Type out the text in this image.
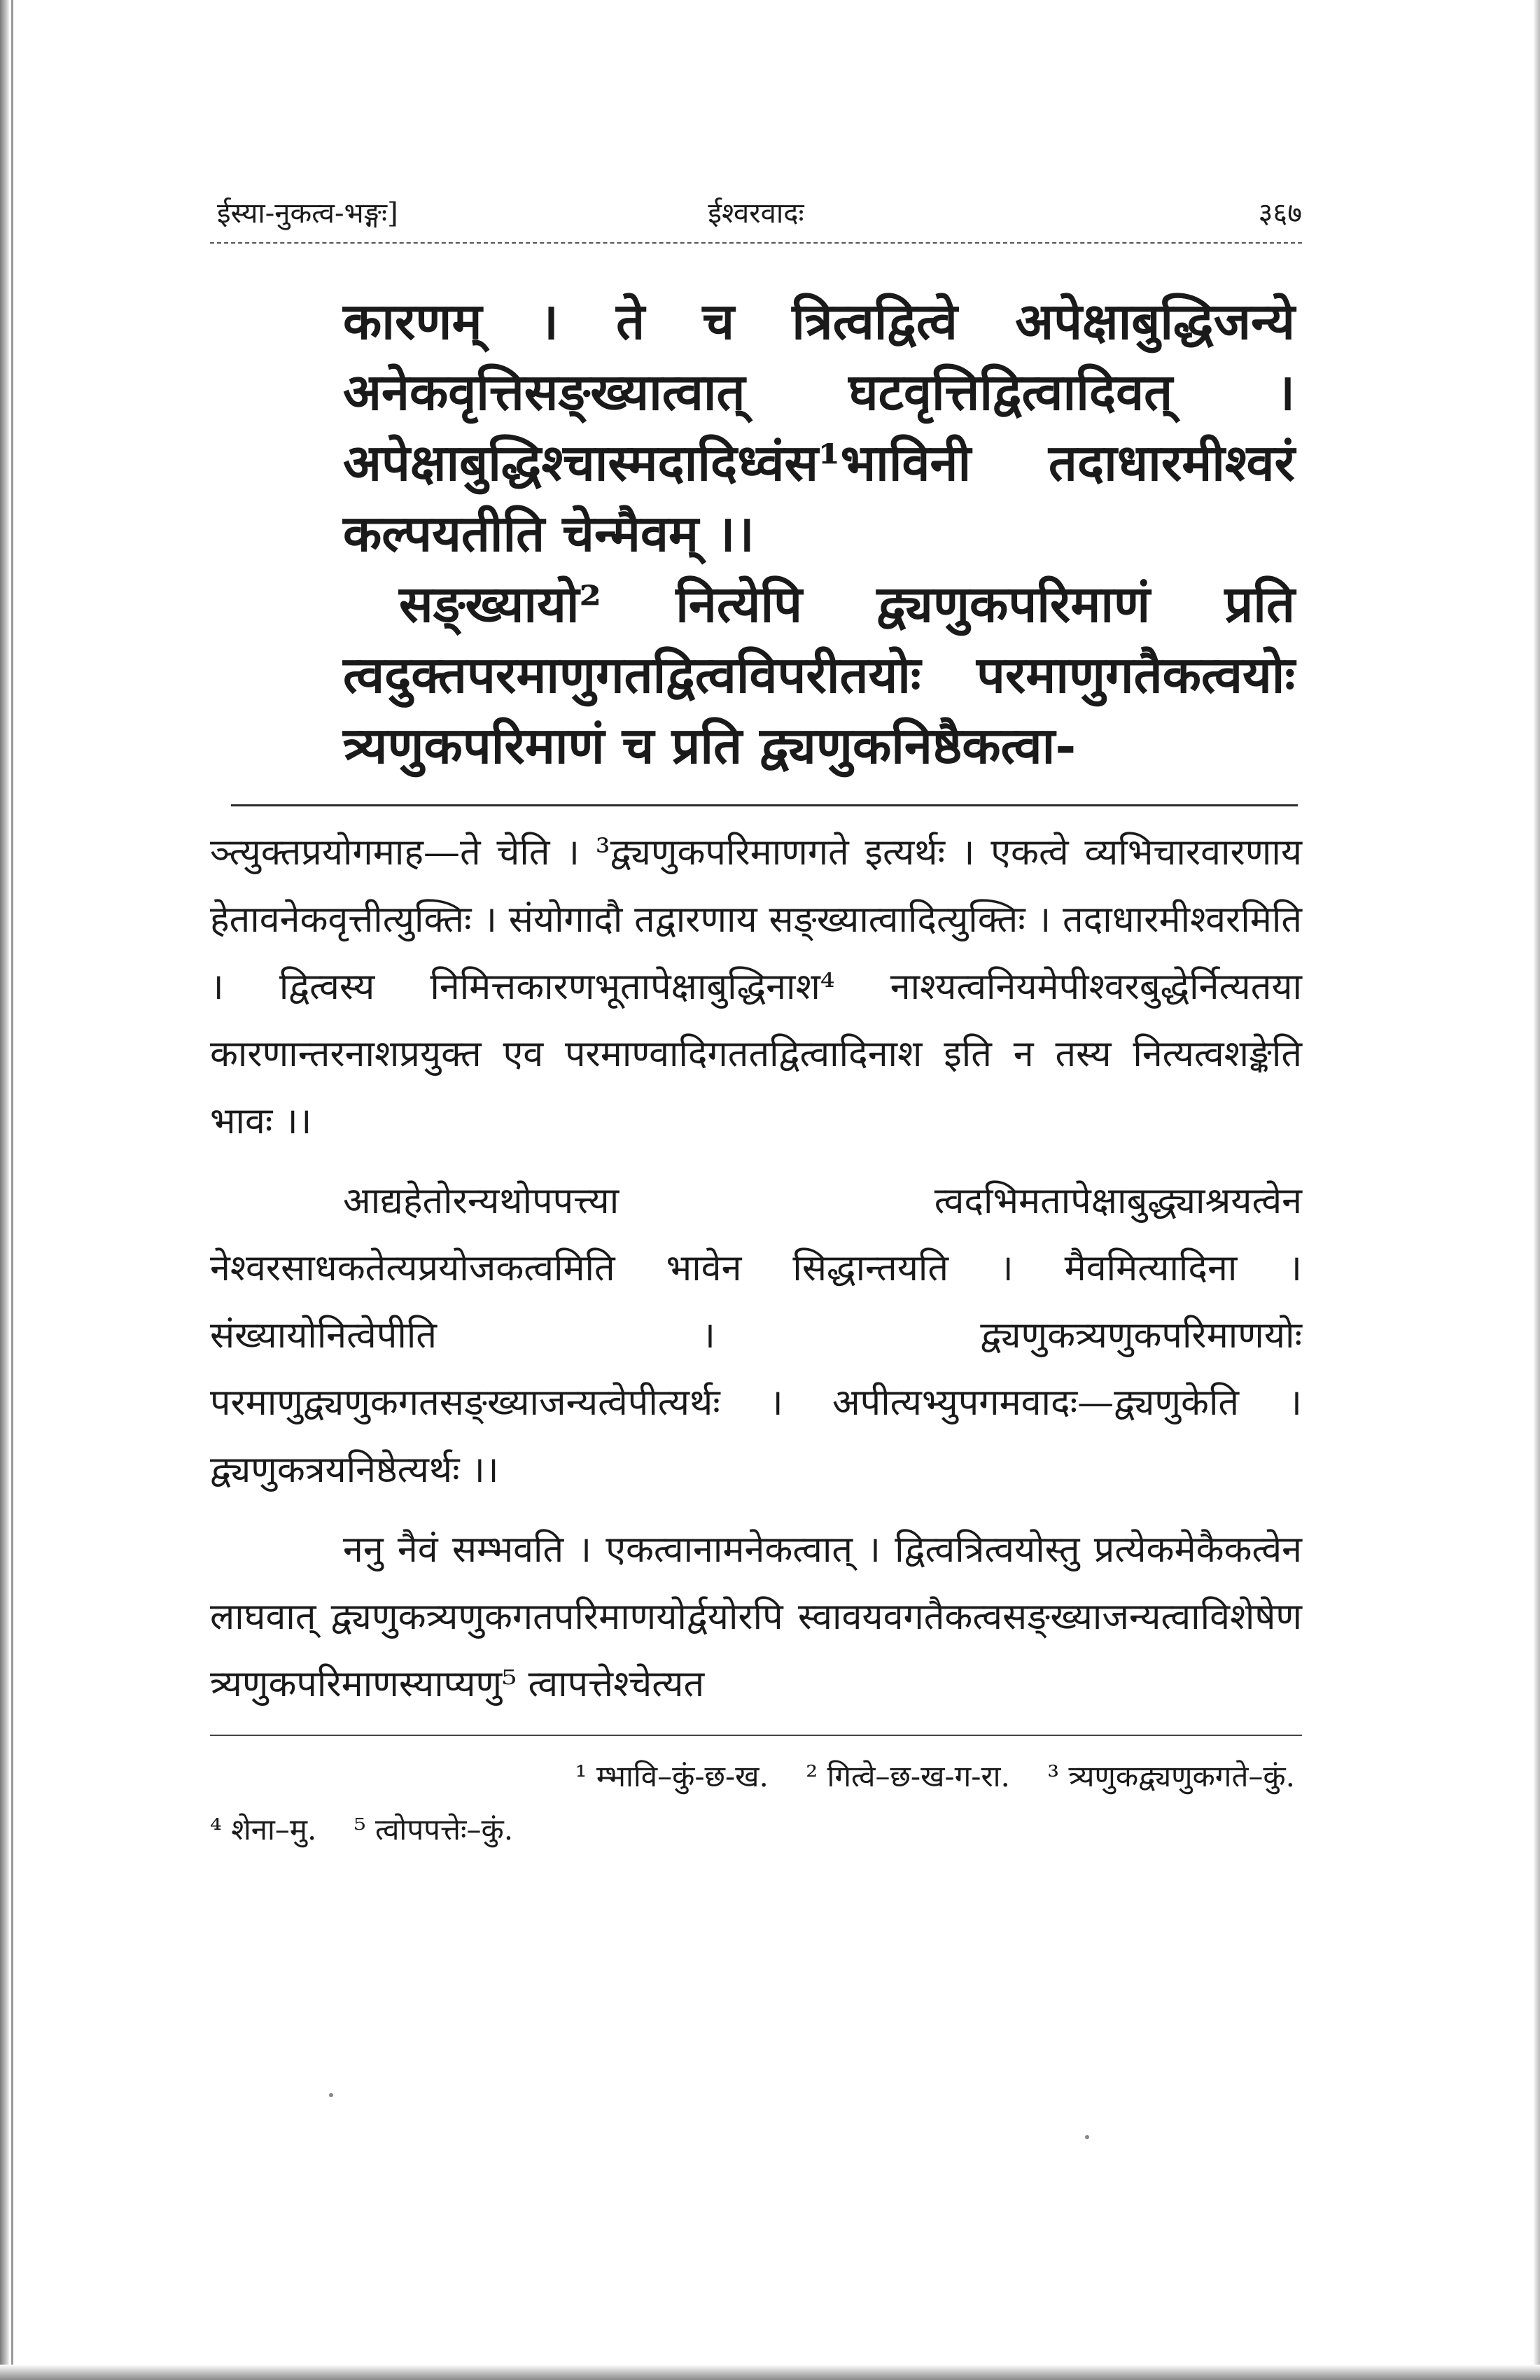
ईस्या-नुकत्व-भङ्गः]	ईश्वरवादः	३६७

कारणम् । ते च त्रित्वद्वित्वे अपेक्षाबुद्धिजन्ये अनेकवृत्तिसङ्ख्यात्वात् घटवृत्तिद्वित्वादिवत् । अपेक्षाबुद्धिश्चास्मदादिध्वंस¹भाविनी तदाधारमीश्वरं कल्पयतीति चेन्मैवम् ।।

सङ्ख्यायो² नित्येपि द्व्यणुकपरिमाणं प्रति त्वदुक्तपरमाणुगतद्वित्वविपरीतयोः परमाणुगतैकत्वयोः त्र्यणुकपरिमाणं च प्रति द्व्यणुकनिष्ठैकत्वा-

ञ्त्युक्तप्रयोगमाह—ते चेति । ³द्व्यणुकपरिमाणगते इत्यर्थः । एकत्वे व्यभिचारवारणाय हेतावनेकवृत्तीत्युक्तिः । संयोगादौ तद्वारणाय सङ्ख्यात्वादित्युक्तिः । तदाधारमीश्वरमिति । द्वित्वस्य निमित्तकारणभूतापेक्षाबुद्धिनाश⁴ नाश्यत्वनियमेपीश्वरबुद्धेर्नित्यतया कारणान्तरनाशप्रयुक्त एव परमाण्वादिगततद्वित्वादिनाश इति न तस्य नित्यत्वशङ्केति भावः ।।

आद्यहेतोरन्यथोपपत्त्या त्वदभिमतापेक्षाबुद्ध्याश्रयत्वेन नेश्वरसाधकतेत्यप्रयोजकत्वमिति भावेन सिद्धान्तयति । मैवमित्यादिना । संख्यायोनित्वेपीति । द्व्यणुकत्र्यणुकपरिमाणयोः परमाणुद्व्यणुकगतसङ्ख्याजन्यत्वेपीत्यर्थः । अपीत्यभ्युपगमवादः—द्व्यणुकेति । द्व्यणुकत्रयनिष्ठेत्यर्थः ।।

ननु नैवं सम्भवति । एकत्वानामनेकत्वात् । द्वित्वत्रित्वयोस्तु प्रत्येकमेकैकत्वेन लाघवात् द्व्यणुकत्र्यणुकगतपरिमाणयोर्द्वयोरपि स्वावयवगतैकत्वसङ्ख्याजन्यत्वाविशेषेण त्र्यणुकपरिमाणस्याप्यणु⁵ त्वापत्तेश्चेत्यत

¹ म्भावि–कुं-छ-ख. ² गित्वे–छ-ख-ग-रा. ³ त्र्यणुकद्व्यणुकगते–कुं.
⁴ शेना–मु. ⁵ त्वोपपत्तेः–कुं.
